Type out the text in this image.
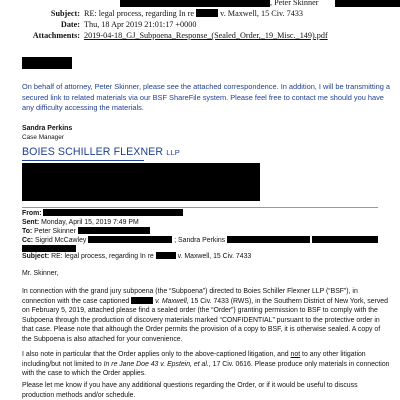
, Peter Skinner
Subject: RE: legal process, regarding In re	v. Maxwell, 15 Civ. 7433
Date: Thu, 18 Apr 2019 21:01:17 +0000
Attachments: 2019-04-18_GJ_Subpoena_Response_(Sealed_Order,_19_Misc._149).pdf
On behalf of attorney, Peter Skinner, please see the attached correspondence. In addition, I will be transmitting a secured link to related materials via our BSF ShareFile system. Please feel free to contact me should you have any difficulty accessing the materials.
Sandra Perkins
Case Manager
BOIES SCHILLER FLEXNER LLP
From:
Sent: Monday, April 15, 2019 7:49 PM
To: Peter Skinner
Cc: Sigrid McCawley	; Sandra Perkins
Subject: RE: legal process, regarding In re	v. Maxwell, 15 Civ. 7433
Mr. Skinner,
In connection with the grand jury subpoena (the “Subpoena”) directed to Boies Schiller Flexner LLP (“BSF”), in connection with the case captioned	v. Maxwell, 15 Civ. 7433 (RWS), in the Southern District of New York, served on February 5, 2019, attached please find a sealed order (the “Order”) granting permission to BSF to comply with the Subpoena through the production of discovery materials marked “CONFIDENTIAL” pursuant to the protective order in that case. Please note that although the Order permits the provision of a copy to BSF, it is otherwise sealed. A copy of the Subpoena is also attached for your convenience.
I also note in particular that the Order applies only to the above-captioned litigation, and not to any other litigation including/but not limited to In re Jane Doe 43 v. Epstein, et al., 17 Civ. 0616. Please produce only materials in connection with the case to which the Order applies.
Please let me know if you have any additional questions regarding the Order, or if it would be useful to discuss production methods and/or schedule.
